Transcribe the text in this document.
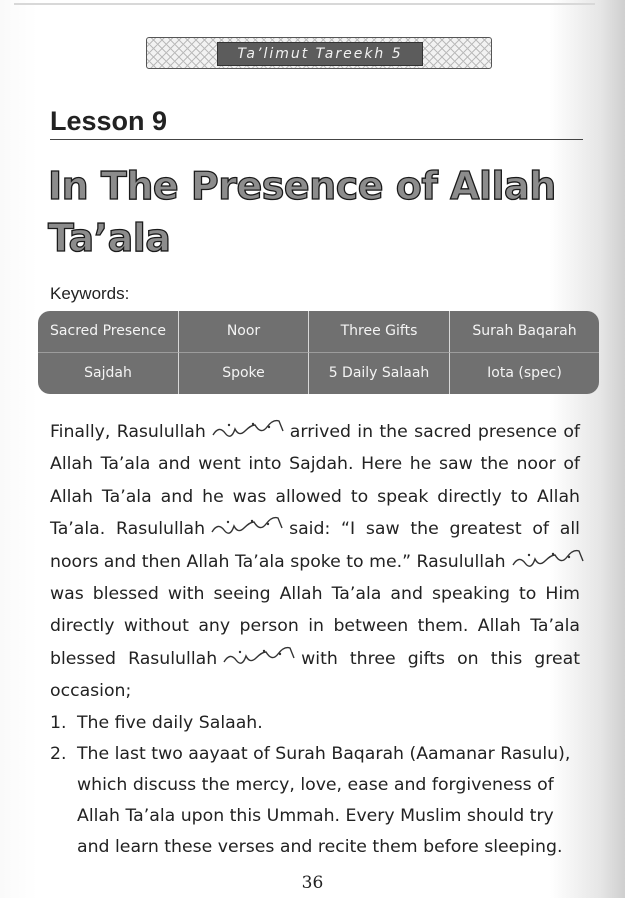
Ta’limut Tareekh 5
Lesson 9
In The Presence of Allah
Ta’ala
Keywords:
Sacred Presence	Noor	Three Gifts	Surah Baqarah
Sajdah	Spoke	5 Daily Salaah	Iota (spec)
Finally, Rasulullah	arrived in the sacred presence of
Allah Ta’ala and went into Sajdah. Here he saw the noor of
Allah Ta’ala and he was allowed to speak directly to Allah
Ta’ala. Rasulullah	said: “I saw the greatest of all
noors and then Allah Ta’ala spoke to me.” Rasulullah
was blessed with seeing Allah Ta’ala and speaking to Him
directly without any person in between them. Allah Ta’ala
blessed Rasulullah	with three gifts on this great
occasion;
1. The five daily Salaah.
2. The last two aayaat of Surah Baqarah (Aamanar Rasulu), which discuss the mercy, love, ease and forgiveness of Allah Ta’ala upon this Ummah. Every Muslim should try and learn these verses and recite them before sleeping.
36
